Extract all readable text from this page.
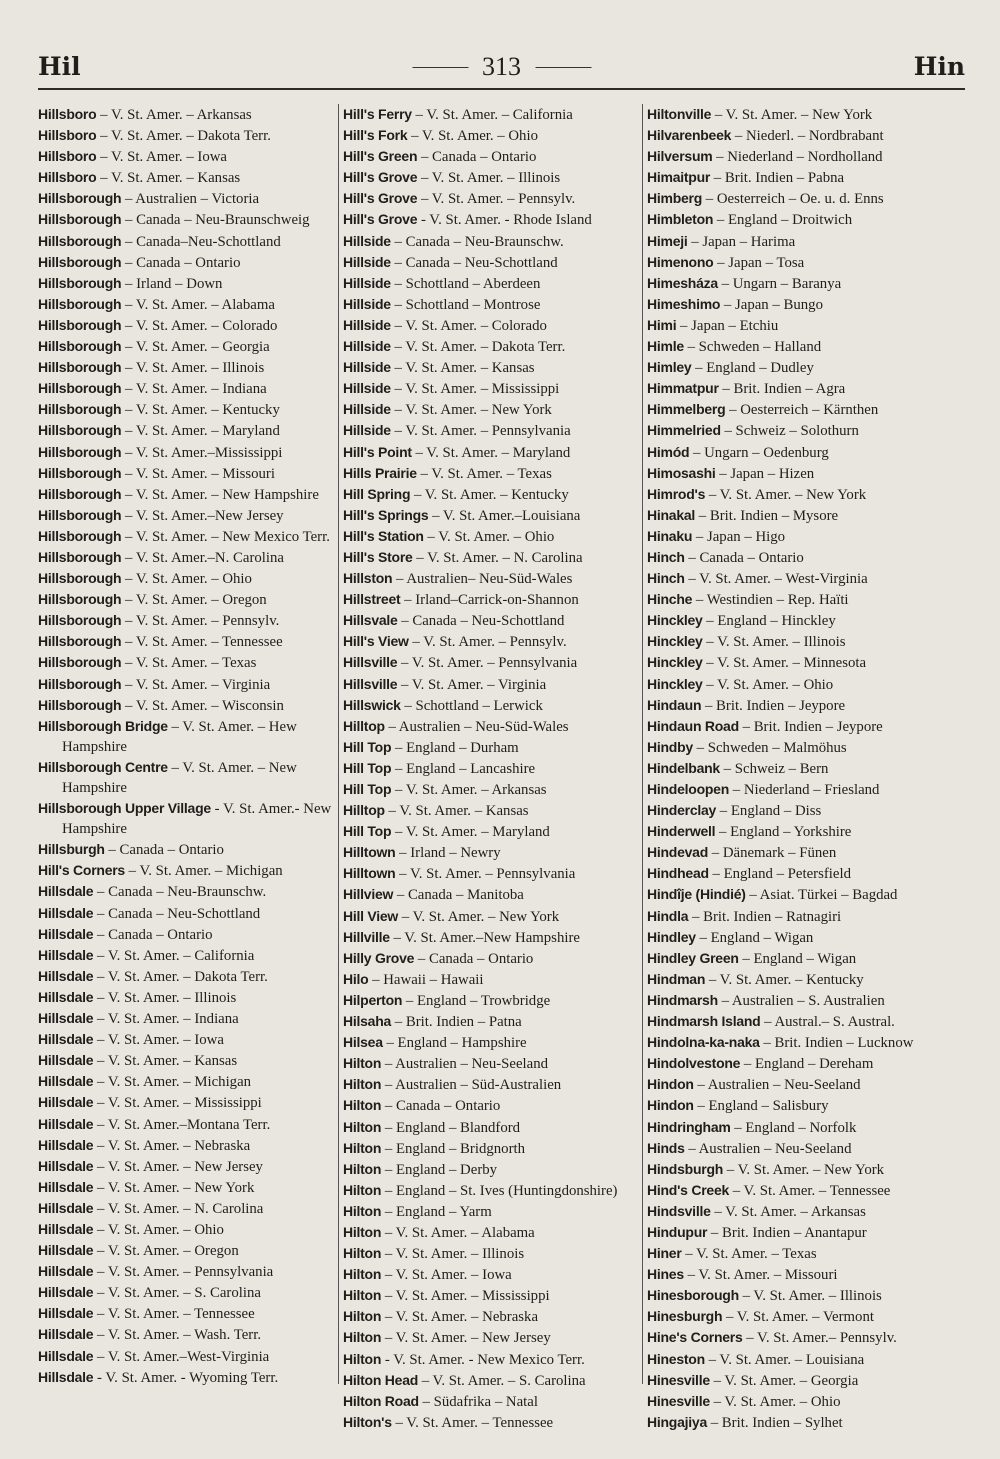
Hil	313	Hin
Hillsboro – V. St. Amer. – Arkansas
Hillsboro – V. St. Amer. – Dakota Terr.
Hillsboro – V. St. Amer. – Iowa
Hillsboro – V. St. Amer. – Kansas
Hillsborough – Australien – Victoria
Hillsborough – Canada – Neu-Braunschweig
Hillsborough – Canada–Neu-Schottland
Hillsborough – Canada – Ontario
Hillsborough – Irland – Down
Hillsborough – V. St. Amer. – Alabama
Hillsborough – V. St. Amer. – Colorado
Hillsborough – V. St. Amer. – Georgia
Hillsborough – V. St. Amer. – Illinois
Hillsborough – V. St. Amer. – Indiana
Hillsborough – V. St. Amer. – Kentucky
Hillsborough – V. St. Amer. – Maryland
Hillsborough – V. St. Amer.–Mississippi
Hillsborough – V. St. Amer. – Missouri
Hillsborough – V. St. Amer. – New Hampshire
Hillsborough – V. St. Amer.–New Jersey
Hillsborough – V. St. Amer. – New Mexico Terr.
Hillsborough – V. St. Amer.–N. Carolina
Hillsborough – V. St. Amer. – Ohio
Hillsborough – V. St. Amer. – Oregon
Hillsborough – V. St. Amer. – Pennsylv.
Hillsborough – V. St. Amer. – Tennessee
Hillsborough – V. St. Amer. – Texas
Hillsborough – V. St. Amer. – Virginia
Hillsborough – V. St. Amer. – Wisconsin
Hillsborough Bridge – V. St. Amer. – Hew Hampshire
Hillsborough Centre – V. St. Amer. – New Hampshire
Hillsborough Upper Village - V. St. Amer.- New Hampshire
Hillsburgh – Canada – Ontario
Hill's Corners – V. St. Amer. – Michigan
Hillsdale – Canada – Neu-Braunschw.
Hillsdale – Canada – Neu-Schottland
Hillsdale – Canada – Ontario
Hillsdale – V. St. Amer. – California
Hillsdale – V. St. Amer. – Dakota Terr.
Hillsdale – V. St. Amer. – Illinois
Hillsdale – V. St. Amer. – Indiana
Hillsdale – V. St. Amer. – Iowa
Hillsdale – V. St. Amer. – Kansas
Hillsdale – V. St. Amer. – Michigan
Hillsdale – V. St. Amer. – Mississippi
Hillsdale – V. St. Amer.–Montana Terr.
Hillsdale – V. St. Amer. – Nebraska
Hillsdale – V. St. Amer. – New Jersey
Hillsdale – V. St. Amer. – New York
Hillsdale – V. St. Amer. – N. Carolina
Hillsdale – V. St. Amer. – Ohio
Hillsdale – V. St. Amer. – Oregon
Hillsdale – V. St. Amer. – Pennsylvania
Hillsdale – V. St. Amer. – S. Carolina
Hillsdale – V. St. Amer. – Tennessee
Hillsdale – V. St. Amer. – Wash. Terr.
Hillsdale – V. St. Amer.–West-Virginia
Hillsdale - V. St. Amer. - Wyoming Terr.
Hill's Ferry – V. St. Amer. – California
Hill's Fork – V. St. Amer. – Ohio
Hill's Green – Canada – Ontario
Hill's Grove – V. St. Amer. – Illinois
Hill's Grove – V. St. Amer. – Pennsylv.
Hill's Grove - V. St. Amer. - Rhode Island
Hillside – Canada – Neu-Braunschw.
Hillside – Canada – Neu-Schottland
Hillside – Schottland – Aberdeen
Hillside – Schottland – Montrose
Hillside – V. St. Amer. – Colorado
Hillside – V. St. Amer. – Dakota Terr.
Hillside – V. St. Amer. – Kansas
Hillside – V. St. Amer. – Mississippi
Hillside – V. St. Amer. – New York
Hillside – V. St. Amer. – Pennsylvania
Hill's Point – V. St. Amer. – Maryland
Hills Prairie – V. St. Amer. – Texas
Hill Spring – V. St. Amer. – Kentucky
Hill's Springs – V. St. Amer.–Louisiana
Hill's Station – V. St. Amer. – Ohio
Hill's Store – V. St. Amer. – N. Carolina
Hillston – Australien– Neu-Süd-Wales
Hillstreet – Irland–Carrick-on-Shannon
Hillsvale – Canada – Neu-Schottland
Hill's View – V. St. Amer. – Pennsylv.
Hillsville – V. St. Amer. – Pennsylvania
Hillsville – V. St. Amer. – Virginia
Hillswick – Schottland – Lerwick
Hilltop – Australien – Neu-Süd-Wales
Hill Top – England – Durham
Hill Top – England – Lancashire
Hill Top – V. St. Amer. – Arkansas
Hilltop – V. St. Amer. – Kansas
Hill Top – V. St. Amer. – Maryland
Hilltown – Irland – Newry
Hilltown – V. St. Amer. – Pennsylvania
Hillview – Canada – Manitoba
Hill View – V. St. Amer. – New York
Hillville – V. St. Amer.–New Hampshire
Hilly Grove – Canada – Ontario
Hilo – Hawaii – Hawaii
Hilperton – England – Trowbridge
Hilsaha – Brit. Indien – Patna
Hilsea – England – Hampshire
Hilton – Australien – Neu-Seeland
Hilton – Australien – Süd-Australien
Hilton – Canada – Ontario
Hilton – England – Blandford
Hilton – England – Bridgnorth
Hilton – England – Derby
Hilton – England – St. Ives (Huntingdonshire)
Hilton – England – Yarm
Hilton – V. St. Amer. – Alabama
Hilton – V. St. Amer. – Illinois
Hilton – V. St. Amer. – Iowa
Hilton – V. St. Amer. – Mississippi
Hilton – V. St. Amer. – Nebraska
Hilton – V. St. Amer. – New Jersey
Hilton - V. St. Amer. - New Mexico Terr.
Hilton Head – V. St. Amer. – S. Carolina
Hilton Road – Südafrika – Natal
Hilton's – V. St. Amer. – Tennessee
Hiltonville – V. St. Amer. – New York
Hilvarenbeek – Niederl. – Nordbrabant
Hilversum – Niederland – Nordholland
Himaitpur – Brit. Indien – Pabna
Himberg – Oesterreich – Oe. u. d. Enns
Himbleton – England – Droitwich
Himeji – Japan – Harima
Himenono – Japan – Tosa
Himesháza – Ungarn – Baranya
Himeshimo – Japan – Bungo
Himi – Japan – Etchiu
Himle – Schweden – Halland
Himley – England – Dudley
Himmatpur – Brit. Indien – Agra
Himmelberg – Oesterreich – Kärnthen
Himmelried – Schweiz – Solothurn
Himód – Ungarn – Oedenburg
Himosashi – Japan – Hizen
Himrod's – V. St. Amer. – New York
Hinakal – Brit. Indien – Mysore
Hinaku – Japan – Higo
Hinch – Canada – Ontario
Hinch – V. St. Amer. – West-Virginia
Hinche – Westindien – Rep. Haïti
Hinckley – England – Hinckley
Hinckley – V. St. Amer. – Illinois
Hinckley – V. St. Amer. – Minnesota
Hinckley – V. St. Amer. – Ohio
Hindaun – Brit. Indien – Jeypore
Hindaun Road – Brit. Indien – Jeypore
Hindby – Schweden – Malmöhus
Hindelbank – Schweiz – Bern
Hindeloopen – Niederland – Friesland
Hinderclay – England – Diss
Hinderwell – England – Yorkshire
Hindevad – Dänemark – Fünen
Hindhead – England – Petersfield
Hindîje (Hindié) – Asiat. Türkei – Bagdad
Hindla – Brit. Indien – Ratnagiri
Hindley – England – Wigan
Hindley Green – England – Wigan
Hindman – V. St. Amer. – Kentucky
Hindmarsh – Australien – S. Australien
Hindmarsh Island – Austral.– S. Austral.
Hindolna-ka-naka – Brit. Indien – Lucknow
Hindolvestone – England – Dereham
Hindon – Australien – Neu-Seeland
Hindon – England – Salisbury
Hindringham – England – Norfolk
Hinds – Australien – Neu-Seeland
Hindsburgh – V. St. Amer. – New York
Hind's Creek – V. St. Amer. – Tennessee
Hindsville – V. St. Amer. – Arkansas
Hindupur – Brit. Indien – Anantapur
Hiner – V. St. Amer. – Texas
Hines – V. St. Amer. – Missouri
Hinesborough – V. St. Amer. – Illinois
Hinesburgh – V. St. Amer. – Vermont
Hine's Corners – V. St. Amer.– Pennsylv.
Hineston – V. St. Amer. – Louisiana
Hinesville – V. St. Amer. – Georgia
Hinesville – V. St. Amer. – Ohio
Hingajiya – Brit. Indien – Sylhet
